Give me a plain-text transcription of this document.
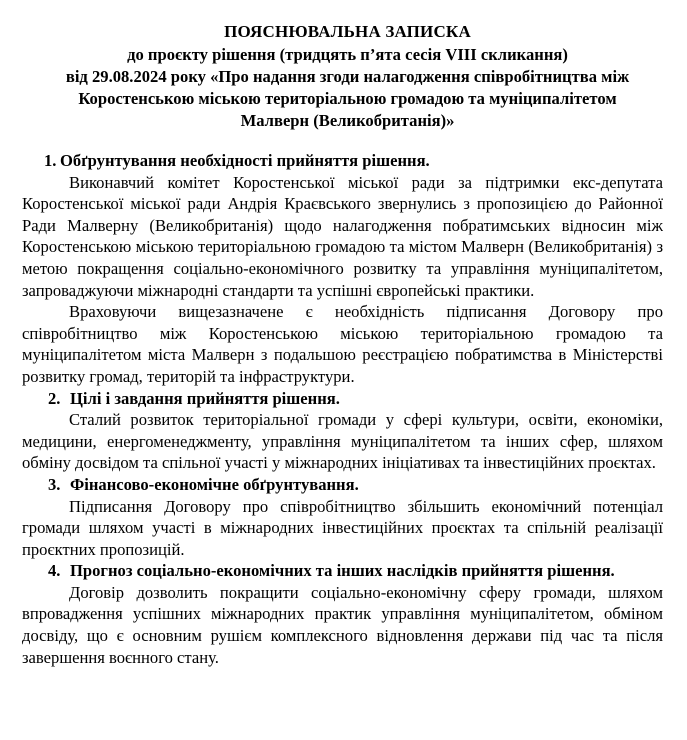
ПОЯСНЮВАЛЬНА ЗАПИСКА
до проєкту рішення (тридцять п’ята сесія VIII скликання)
від 29.08.2024 року «Про надання згоди налагодження співробітництва між
Коростенською міською територіальною громадою та муніципалітетом
Малверн (Великобританія)»
1. Обґрунтування необхідності прийняття рішення.

Виконавчий комітет Коростенської міської ради за підтримки екс-депутата Коростенської міської ради Андрія Краєвського звернулись з пропозицією до Районної Ради Малверну (Великобританія) щодо налагодження побратимських відносин між Коростенською міською територіальною громадою та містом Малверн (Великобританія) з метою покращення соціально-економічного розвитку та управління муніципалітетом, запроваджуючи міжнародні стандарти та успішні європейські практики.

Враховуючи вищезазначене є необхідність підписання Договору про співробітництво між Коростенською міською територіальною громадою та муніципалітетом міста Малверн з подальшою реєстрацією побратимства в Міністерстві розвитку громад, територій та інфраструктури.

2. Цілі і завдання прийняття рішення.

Сталий розвиток територіальної громади у сфері культури, освіти, економіки, медицини, енергоменеджменту, управління муніципалітетом та інших сфер, шляхом обміну досвідом та спільної участі у міжнародних ініціативах та інвестиційних проєктах.

3. Фінансово-економічне обґрунтування.

Підписання Договору про співробітництво збільшить економічний потенціал громади шляхом участі в міжнародних інвестиційних проєктах та спільній реалізації проєктних пропозицій.

4. Прогноз соціально-економічних та інших наслідків прийняття рішення.

Договір дозволить покращити соціально-економічну сферу громади, шляхом впровадження успішних міжнародних практик управління муніципалітетом, обміном досвіду, що є основним рушієм комплексного відновлення держави під час та після завершення воєнного стану.
